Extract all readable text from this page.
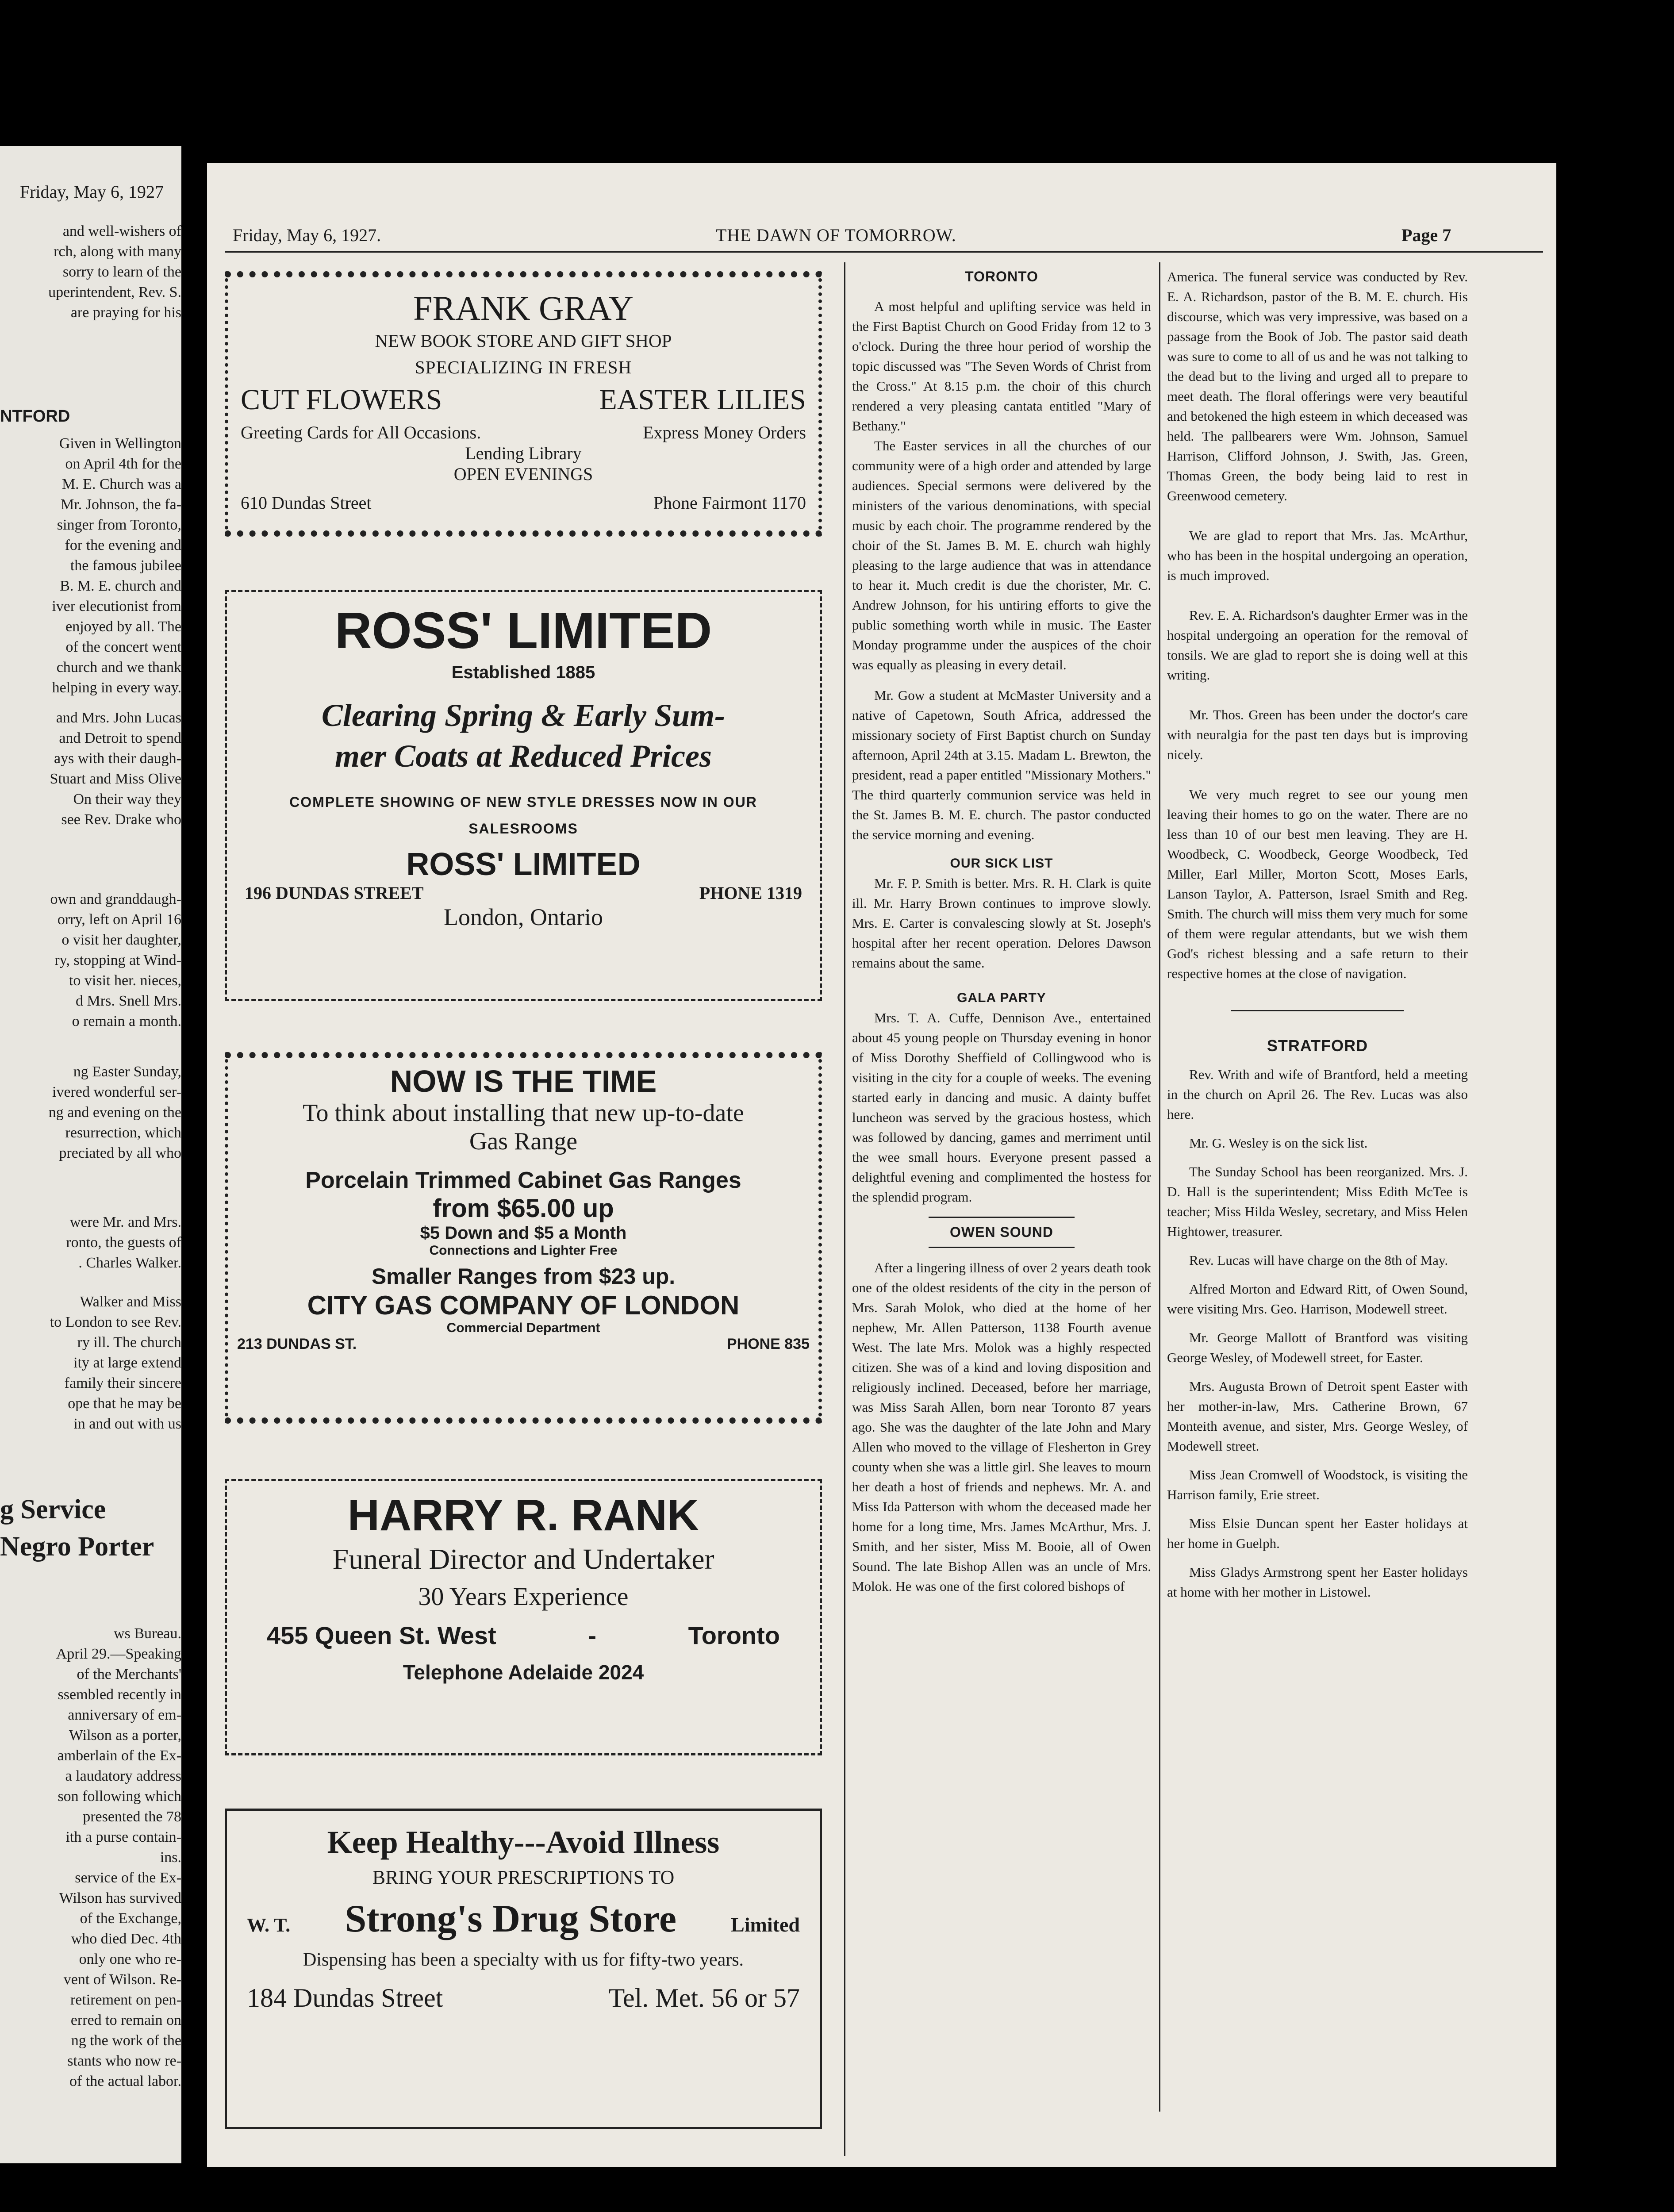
Friday, May 6, 1927
and well-wishers of
rch, along with many
sorry to learn of the
uperintendent, Rev. S.
are praying for his
NTFORD
Given in Wellington
on April 4th for the
M. E. Church was a
Mr. Johnson, the fa-
singer from Toronto,
for the evening and
the famous jubilee
B. M. E. church and
iver elecutionist from
enjoyed by all. The
of the concert went
church and we thank
helping in every way.
and Mrs. John Lucas
and Detroit to spend
ays with their daugh-
Stuart and Miss Olive
On their way they
see Rev. Drake who
own and granddaugh-
orry, left on April 16
o visit her daughter,
ry, stopping at Wind-
to visit her. nieces,
d Mrs. Snell Mrs.
o remain a month.
ng Easter Sunday,
ivered wonderful ser-
ng and evening on the
resurrection, which
preciated by all who
were Mr. and Mrs.
ronto, the guests of
. Charles Walker.
Walker and Miss
to London to see Rev.
ry ill. The church
ity at large extend
family their sincere
ope that he may be
in and out with us
g Service
Negro Porter
ws Bureau.
April 29.—Speaking
of the Merchants'
ssembled recently in
anniversary of em-
Wilson as a porter,
amberlain of the Ex-
a laudatory address
son following which
presented the 78
ith a purse contain-
ins.
service of the Ex-
Wilson has survived
of the Exchange,
who died Dec. 4th
only one who re-
vent of Wilson. Re-
retirement on pen-
erred to remain on
ng the work of the
stants who now re-
of the actual labor.
Friday, May 6, 1927.	THE DAWN OF TOMORROW.	Page 7
FRANK GRAY
NEW BOOK STORE AND GIFT SHOP
SPECIALIZING IN FRESH
CUT FLOWERS	EASTER LILIES
Greeting Cards for All Occasions.	Express Money Orders
Lending Library
OPEN EVENINGS
610 Dundas Street	Phone Fairmont 1170
ROSS' LIMITED
Established 1885
Clearing Spring & Early Sum-
mer Coats at Reduced Prices
COMPLETE SHOWING OF NEW STYLE DRESSES NOW IN OUR
SALESROOMS
ROSS' LIMITED
196 DUNDAS STREET	PHONE 1319
London, Ontario
NOW IS THE TIME
To think about installing that new up-to-date
Gas Range
Porcelain Trimmed Cabinet Gas Ranges
from $65.00 up
$5 Down and $5 a Month
Connections and Lighter Free
Smaller Ranges from $23 up.
CITY GAS COMPANY OF LONDON
Commercial Department
213 DUNDAS ST.	PHONE 835
HARRY R. RANK
Funeral Director and Undertaker
30 Years Experience
455 Queen St. West	-	Toronto
Telephone Adelaide 2024
Keep Healthy---Avoid Illness
BRING YOUR PRESCRIPTIONS TO
W. T. Strong's Drug Store	Limited
Dispensing has been a specialty with us for fifty-two years.
184 Dundas Street	Tel. Met. 56 or 57
TORONTO

A most helpful and uplifting service was held in the First Baptist Church on Good Friday from 12 to 3 o'clock. During the three hour period of worship the topic discussed was "The Seven Words of Christ from the Cross." At 8.15 p.m. the choir of this church rendered a very pleasing cantata entitled "Mary of Bethany."

The Easter services in all the churches of our community were of a high order and attended by large audiences. Special sermons were delivered by the ministers of the various denominations, with special music by each choir. The programme rendered by the choir of the St. James B. M. E. church wah highly pleasing to the large audience that was in attendance to hear it. Much credit is due the chorister, Mr. C. Andrew Johnson, for his untiring efforts to give the public something worth while in music. The Easter Monday programme under the auspices of the choir was equally as pleasing in every detail.

Mr. Gow a student at McMaster University and a native of Capetown, South Africa, addressed the missionary society of First Baptist church on Sunday afternoon, April 24th at 3.15. Madam L. Brewton, the president, read a paper entitled "Missionary Mothers." The third quarterly communion service was held in the St. James B. M. E. church. The pastor conducted the service morning and evening.

OUR SICK LIST

Mr. F. P. Smith is better. Mrs. R. H. Clark is quite ill. Mr. Harry Brown continues to improve slowly. Mrs. E. Carter is convalescing slowly at St. Joseph's hospital after her recent operation. Delores Dawson remains about the same.

GALA PARTY

Mrs. T. A. Cuffe, Dennison Ave., entertained about 45 young people on Thursday evening in honor of Miss Dorothy Sheffield of Collingwood who is visiting in the city for a couple of weeks. The evening started early in dancing and music. A dainty buffet luncheon was served by the gracious hostess, which was followed by dancing, games and merriment until the wee small hours. Everyone present passed a delightful evening and complimented the hostess for the splendid program.

OWEN SOUND

After a lingering illness of over 2 years death took one of the oldest residents of the city in the person of Mrs. Sarah Molok, who died at the home of her nephew, Mr. Allen Patterson, 1138 Fourth avenue West. The late Mrs. Molok was a highly respected citizen. She was of a kind and loving disposition and religiously inclined. Deceased, before her marriage, was Miss Sarah Allen, born near Toronto 87 years ago. She was the daughter of the late John and Mary Allen who moved to the village of Flesherton in Grey county when she was a little girl. She leaves to mourn her death a host of friends and nephews. Mr. A. and Miss Ida Patterson with whom the deceased made her home for a long time, Mrs. James McArthur, Mrs. J. Smith, and her sister, Miss M. Booie, all of Owen Sound. The late Bishop Allen was an uncle of Mrs. Molok. He was one of the first colored bishops of

America. The funeral service was conducted by Rev. E. A. Richardson, pastor of the B. M. E. church. His discourse, which was very impressive, was based on a passage from the Book of Job. The pastor said death was sure to come to all of us and he was not talking to the dead but to the living and urged all to prepare to meet death. The floral offerings were very beautiful and betokened the high esteem in which deceased was held. The pallbearers were Wm. Johnson, Samuel Harrison, Clifford Johnson, J. Swith, Jas. Green, Thomas Green, the body being laid to rest in Greenwood cemetery.

We are glad to report that Mrs. Jas. McArthur, who has been in the hospital undergoing an operation, is much improved.

Rev. E. A. Richardson's daughter Ermer was in the hospital undergoing an operation for the removal of tonsils. We are glad to report she is doing well at this writing.

Mr. Thos. Green has been under the doctor's care with neuralgia for the past ten days but is improving nicely.

We very much regret to see our young men leaving their homes to go on the water. There are no less than 10 of our best men leaving. They are H. Woodbeck, C. Woodbeck, George Woodbeck, Ted Miller, Earl Miller, Morton Scott, Moses Earls, Lanson Taylor, A. Patterson, Israel Smith and Reg. Smith. The church will miss them very much for some of them were regular attendants, but we wish them God's richest blessing and a safe return to their respective homes at the close of navigation.

STRATFORD

Rev. Writh and wife of Brantford, held a meeting in the church on April 26. The Rev. Lucas was also here.

Mr. G. Wesley is on the sick list.

The Sunday School has been reorganized. Mrs. J. D. Hall is the superintendent; Miss Edith McTee is teacher; Miss Hilda Wesley, secretary, and Miss Helen Hightower, treasurer.

Rev. Lucas will have charge on the 8th of May.

Alfred Morton and Edward Ritt, of Owen Sound, were visiting Mrs. Geo. Harrison, Modewell street.

Mr. George Mallott of Brantford was visiting George Wesley, of Modewell street, for Easter.

Mrs. Augusta Brown of Detroit spent Easter with her mother-in-law, Mrs. Catherine Brown, 67 Monteith avenue, and sister, Mrs. George Wesley, of Modewell street.

Miss Jean Cromwell of Woodstock, is visiting the Harrison family, Erie street.

Miss Elsie Duncan spent her Easter holidays at her home in Guelph.

Miss Gladys Armstrong spent her Easter holidays at home with her mother in Listowel.
